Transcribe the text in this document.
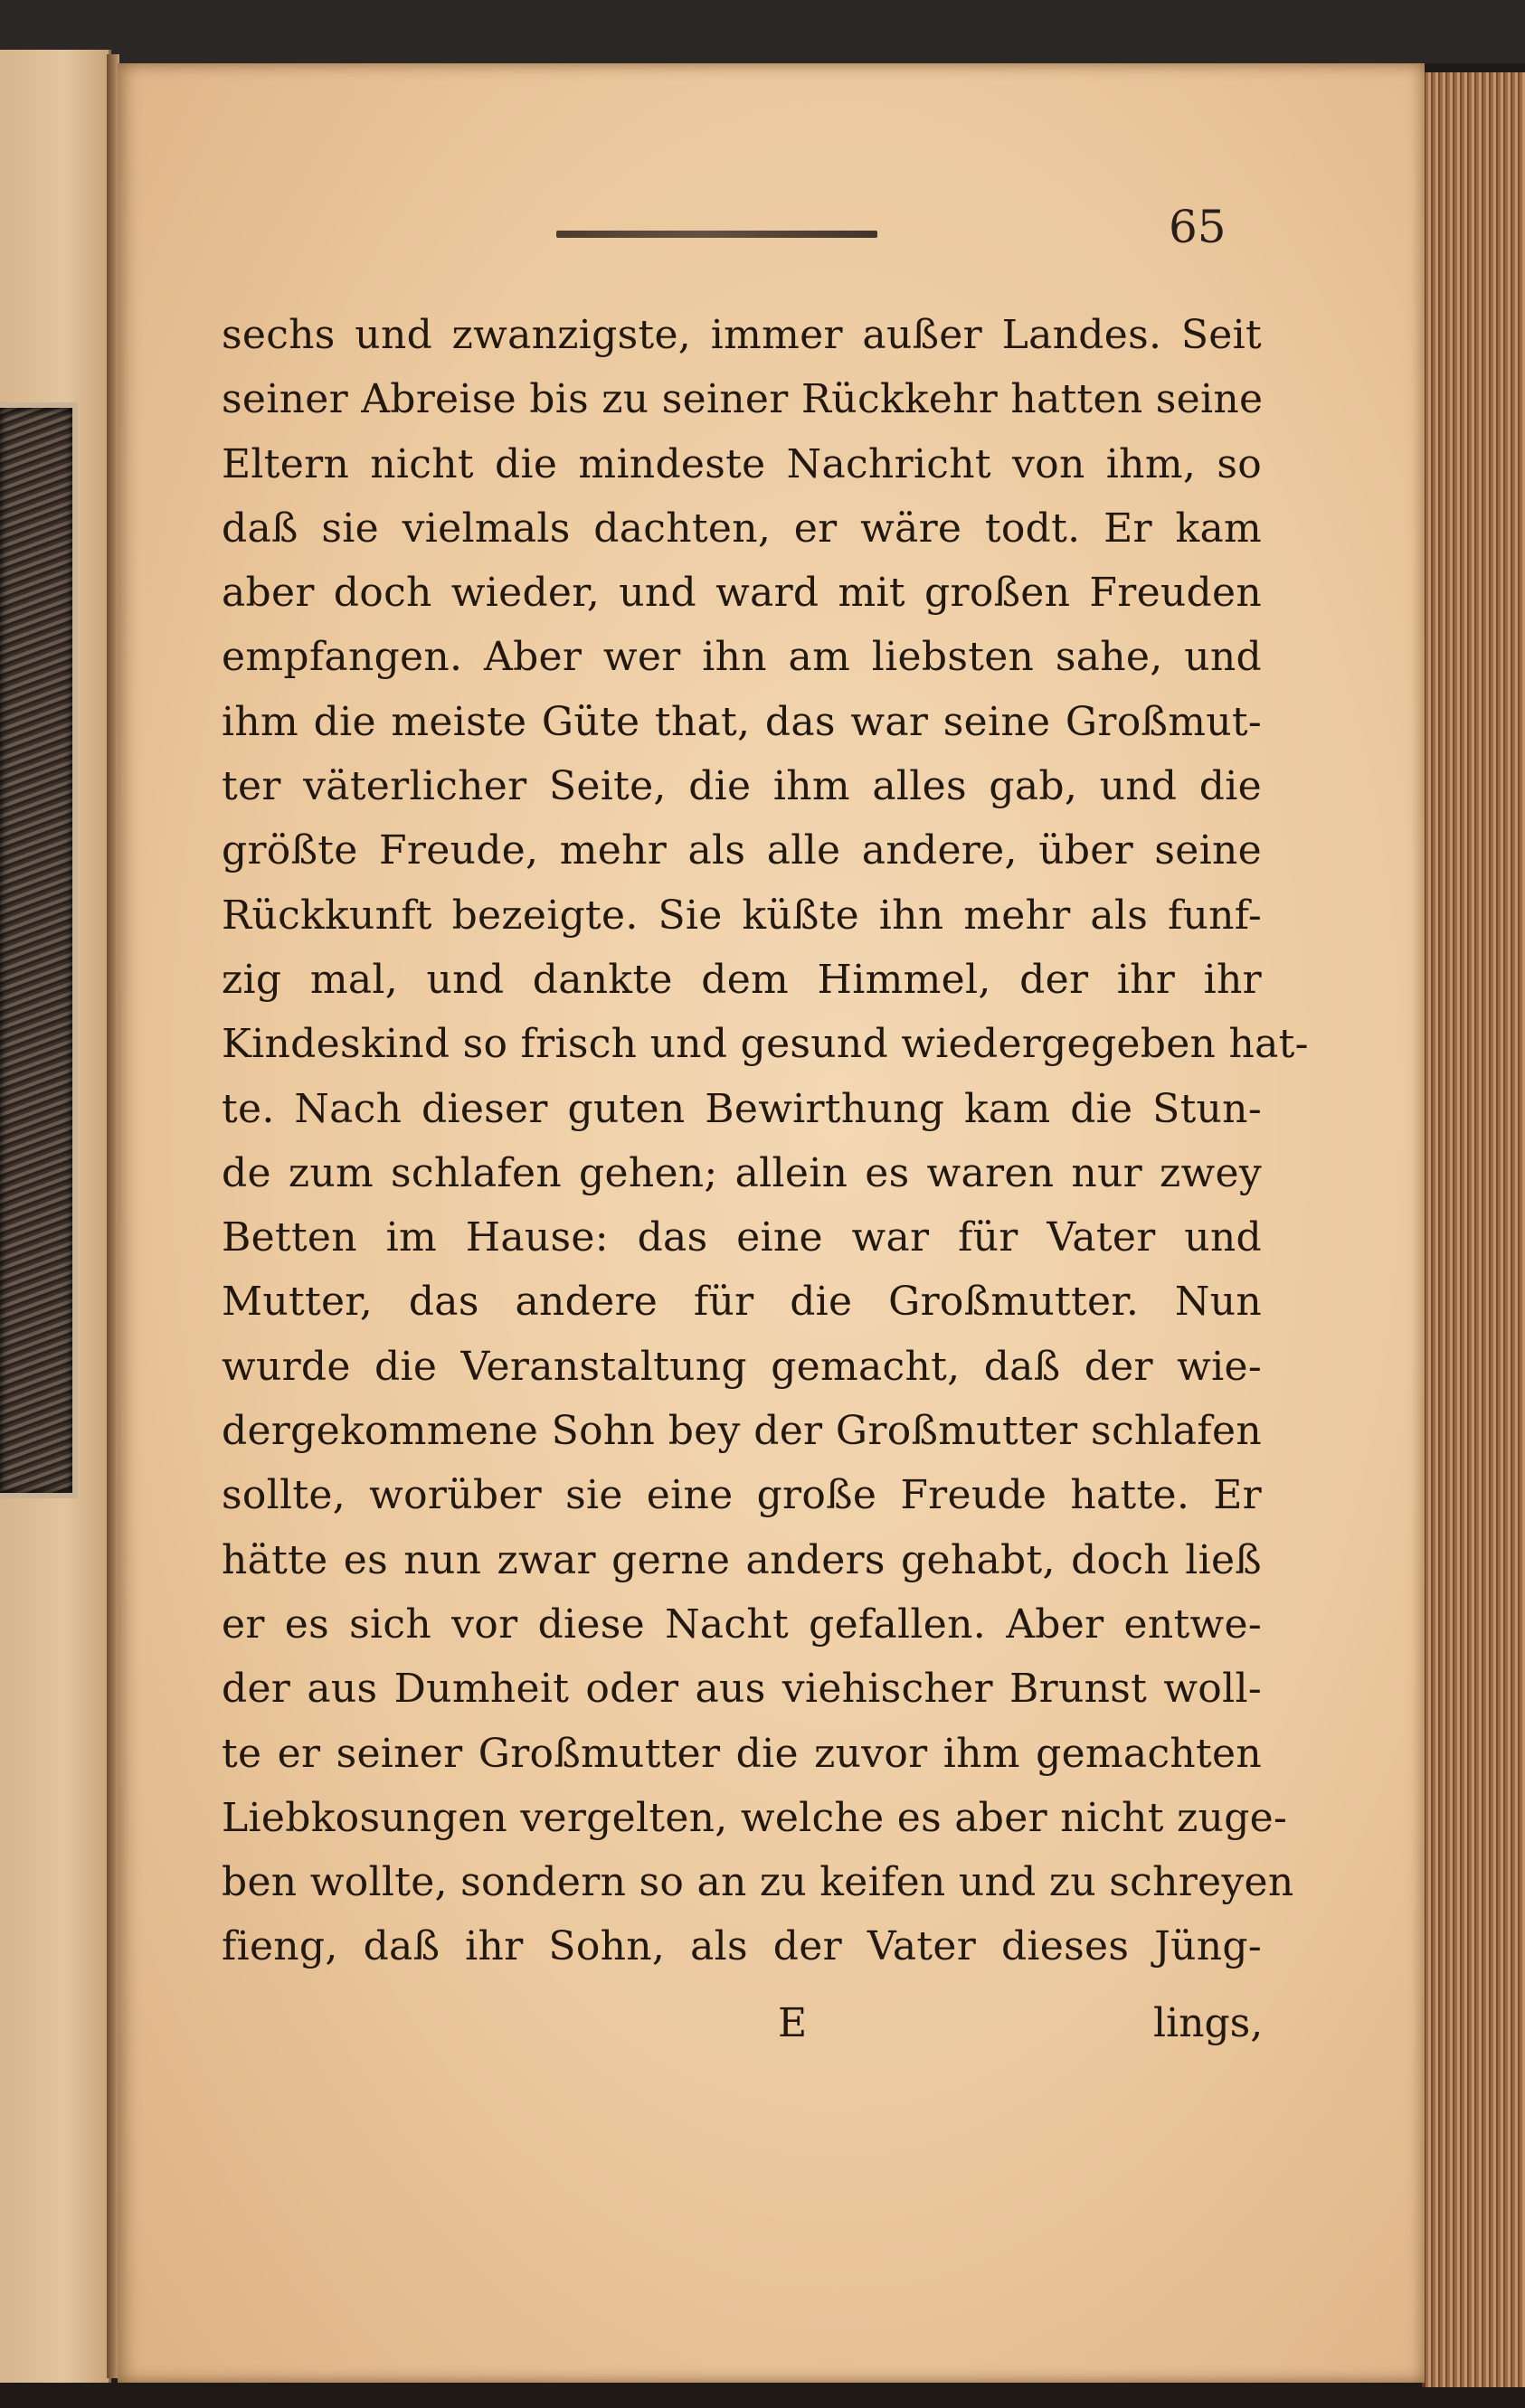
65
sechs und zwanzigste, immer außer Landes. Seit
seiner Abreise bis zu seiner Rückkehr hatten seine
Eltern nicht die mindeste Nachricht von ihm, so
daß sie vielmals dachten, er wäre todt. Er kam
aber doch wieder, und ward mit großen Freuden
empfangen. Aber wer ihn am liebsten sahe, und
ihm die meiste Güte that, das war seine Großmut-
ter väterlicher Seite, die ihm alles gab, und die
größte Freude, mehr als alle andere, über seine
Rückkunft bezeigte. Sie küßte ihn mehr als funf-
zig mal, und dankte dem Himmel, der ihr ihr
Kindeskind so frisch und gesund wiedergegeben hat-
te. Nach dieser guten Bewirthung kam die Stun-
de zum schlafen gehen; allein es waren nur zwey
Betten im Hause: das eine war für Vater und
Mutter, das andere für die Großmutter. Nun
wurde die Veranstaltung gemacht, daß der wie-
dergekommene Sohn bey der Großmutter schlafen
sollte, worüber sie eine große Freude hatte. Er
hätte es nun zwar gerne anders gehabt, doch ließ
er es sich vor diese Nacht gefallen. Aber entwe-
der aus Dumheit oder aus viehischer Brunst woll-
te er seiner Großmutter die zuvor ihm gemachten
Liebkosungen vergelten, welche es aber nicht zuge-
ben wollte, sondern so an zu keifen und zu schreyen
fieng, daß ihr Sohn, als der Vater dieses Jüng-
E	lings,
